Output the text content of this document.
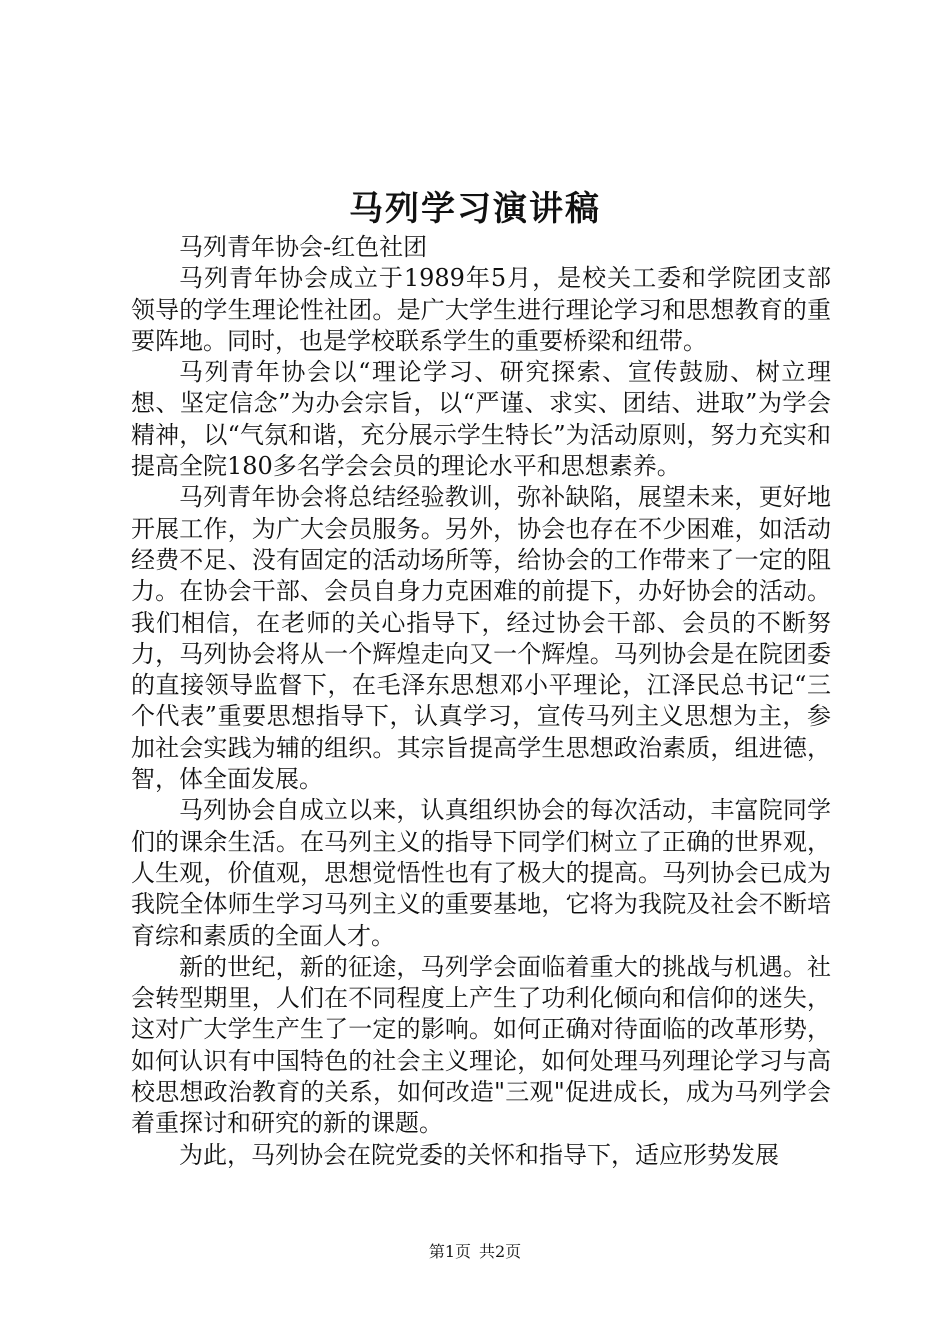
马列学习演讲稿

马列青年协会-红色社团

马列青年协会成立于1989年5月，是校关工委和学院团支部领导的学生理论性社团。是广大学生进行理论学习和思想教育的重要阵地。同时，也是学校联系学生的重要桥梁和纽带。

马列青年协会以“理论学习、研究探索、宣传鼓励、树立理想、坚定信念”为办会宗旨，以“严谨、求实、团结、进取”为学会精神，以“气氛和谐，充分展示学生特长”为活动原则，努力充实和提高全院180多名学会会员的理论水平和思想素养。

马列青年协会将总结经验教训，弥补缺陷，展望未来，更好地开展工作，为广大会员服务。另外，协会也存在不少困难，如活动经费不足、没有固定的活动场所等，给协会的工作带来了一定的阻力。在协会干部、会员自身力克困难的前提下，办好协会的活动。我们相信，在老师的关心指导下，经过协会干部、会员的不断努力，马列协会将从一个辉煌走向又一个辉煌。马列协会是在院团委的直接领导监督下，在毛泽东思想邓小平理论，江泽民总书记“三个代表”重要思想指导下，认真学习，宣传马列主义思想为主，参加社会实践为辅的组织。其宗旨提高学生思想政治素质，组进德，智，体全面发展。

马列协会自成立以来，认真组织协会的每次活动，丰富院同学们的课余生活。在马列主义的指导下同学们树立了正确的世界观，人生观，价值观，思想觉悟性也有了极大的提高。马列协会已成为我院全体师生学习马列主义的重要基地，它将为我院及社会不断培育综和素质的全面人才。

新的世纪，新的征途，马列学会面临着重大的挑战与机遇。社会转型期里，人们在不同程度上产生了功利化倾向和信仰的迷失，这对广大学生产生了一定的影响。如何正确对待面临的改革形势，如何认识有中国特色的社会主义理论，如何处理马列理论学习与高校思想政治教育的关系，如何改造"三观"促进成长，成为马列学会着重探讨和研究的新的课题。

为此，马列协会在院党委的关怀和指导下，适应形势发展

第1页 共2页
